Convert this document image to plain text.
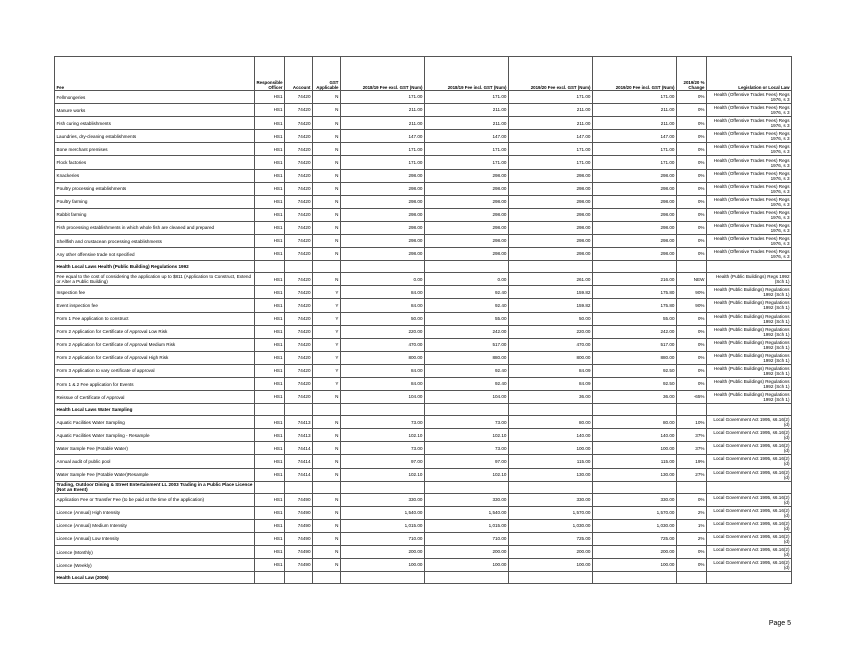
Fee	Responsible Officer	Account	GST Applicable	2018/19 Fee excl. GST (Num)	2018/19 Fee incl. GST (Num)	2019/20 Fee excl. GST (Num)	2019/20 Fee incl. GST (Num)	2019/20 % Change	Legislation or Local Law
Fellmongeries	HS1	74420	N	171.00	171.00	171.00	171.00	0%	Health (Offensive Trades Fees) Regs 1976, s 3
Manure works	HS1	74420	N	211.00	211.00	211.00	211.00	0%	Health (Offensive Trades Fees) Regs 1976, s 3
Fish curing establishments	HS1	74420	N	211.00	211.00	211.00	211.00	0%	Health (Offensive Trades Fees) Regs 1976, s 3
Laundries, dry-cleaning establishments	HS1	74420	N	147.00	147.00	147.00	147.00	0%	Health (Offensive Trades Fees) Regs 1976, s 3
Bone merchant premises	HS1	74420	N	171.00	171.00	171.00	171.00	0%	Health (Offensive Trades Fees) Regs 1976, s 3
Flock factories	HS1	74420	N	171.00	171.00	171.00	171.00	0%	Health (Offensive Trades Fees) Regs 1976, s 3
Knackeries	HS1	74420	N	298.00	298.00	298.00	298.00	0%	Health (Offensive Trades Fees) Regs 1976, s 3
Poultry processing establishments	HS1	74420	N	298.00	298.00	298.00	298.00	0%	Health (Offensive Trades Fees) Regs 1976, s 3
Poultry farming	HS1	74420	N	298.00	298.00	298.00	298.00	0%	Health (Offensive Trades Fees) Regs 1976, s 3
Rabbit farming	HS1	74420	N	298.00	298.00	298.00	298.00	0%	Health (Offensive Trades Fees) Regs 1976, s 3
Fish processing establishments in which whole fish are cleaned and prepared	HS1	74420	N	298.00	298.00	298.00	298.00	0%	Health (Offensive Trades Fees) Regs 1976, s 3
Shellfish and crustacean processing establishments	HS1	74420	N	298.00	298.00	298.00	298.00	0%	Health (Offensive Trades Fees) Regs 1976, s 3
Any other offensive trade not specified	HS1	74420	N	298.00	298.00	298.00	298.00	0%	Health (Offensive Trades Fees) Regs 1976, s 3
Health Local Laws Health (Public Building) Regulations 1992									
Fee equal to the cost of considering the application up to $811 (Application to Construct, Extend or Alter a Public Building)	HS1	74420	N	0.00	0.00	261.00	216.00	NEW	Health (Public Buildings) Regs 1992 (Sch 1)
Inspection fee	HS1	74420	Y	84.00	92.40	159.82	175.80	90%	Health (Public Buildings) Regulations 1992 (Sch 1)
Event inspection fee	HS1	74420	Y	84.00	92.40	159.82	175.80	90%	Health (Public Buildings) Regulations 1992 (Sch 1)
Form 1 Fee application to construct	HS1	74420	Y	50.00	55.00	50.00	55.00	0%	Health (Public Buildings) Regulations 1992 (Sch 1)
Form 2 Application for Certificate of Approval Low Risk	HS1	74420	Y	220.00	242.00	220.00	242.00	0%	Health (Public Buildings) Regulations 1992 (Sch 1)
Form 2 Application for Certificate of Approval Medium Risk	HS1	74420	Y	470.00	517.00	470.00	517.00	0%	Health (Public Buildings) Regulations 1992 (Sch 1)
Form 2 Application for Certificate of Approval High Risk	HS1	74420	Y	800.00	880.00	800.00	880.00	0%	Health (Public Buildings) Regulations 1992 (Sch 1)
Form 3 Application to vary certificate of approval	HS1	74420	Y	84.00	92.40	84.09	92.50	0%	Health (Public Buildings) Regulations 1992 (Sch 1)
Form 1 & 2 Fee application for Events	HS1	74420	Y	84.00	92.40	84.09	92.50	0%	Health (Public Buildings) Regulations 1992 (Sch 1)
Reissue of Certificate of Approval	HS1	74420	N	104.00	104.00	36.00	36.00	-65%	Health (Public Buildings) Regulations 1992 (Sch 1)
Health Local Laws Water Sampling									
Aquatic Facilities Water Sampling	HS1	74413	N	73.00	73.00	80.00	80.00	10%	Local Government Act 1995, s6.16(2)(d)
Aquatic Facilities Water Sampling - Resample	HS1	74413	N	102.10	102.10	140.00	140.00	37%	Local Government Act 1995, s6.16(2)(d)
Water Sample Fee (Potable Water)	HS1	74414	N	73.00	73.00	100.00	100.00	37%	Local Government Act 1995, s6.16(2)(d)
Annual audit of public pool	HS1	74414	N	97.00	97.00	115.00	115.00	19%	Local Government Act 1995, s6.16(2)(d)
Water Sample Fee (Potable Water)Resample	HS1	74414	N	102.10	102.10	130.00	130.00	27%	Local Government Act 1995, s6.16(2)(d)
Trading, Outdoor Dining & Street Entertainment LL 2003 Trading in a Public Place Licence (Not an Event)									
Application Fee or Transfer Fee (to be paid at the time of the application)	HS1	74490	N	330.00	330.00	330.00	330.00	0%	Local Government Act 1995, s6.16(2)(d)
Licence (Annual) High Intensity	HS1	74490	N	1,540.00	1,540.00	1,570.00	1,570.00	2%	Local Government Act 1995, s6.16(2)(d)
Licence (Annual) Medium Intensity	HS1	74490	N	1,015.00	1,015.00	1,030.00	1,030.00	1%	Local Government Act 1995, s6.16(2)(d)
Licence (Annual) Low Intensity	HS1	74490	N	710.00	710.00	725.00	725.00	2%	Local Government Act 1995, s6.16(2)(d)
Licence (Monthly)	HS1	74490	N	200.00	200.00	200.00	200.00	0%	Local Government Act 1995, s6.16(2)(d)
Licence (Weekly)	HS1	74490	N	100.00	100.00	100.00	100.00	0%	Local Government Act 1995, s6.16(2)(d)
Health Local Law (2006)									
Page 5
